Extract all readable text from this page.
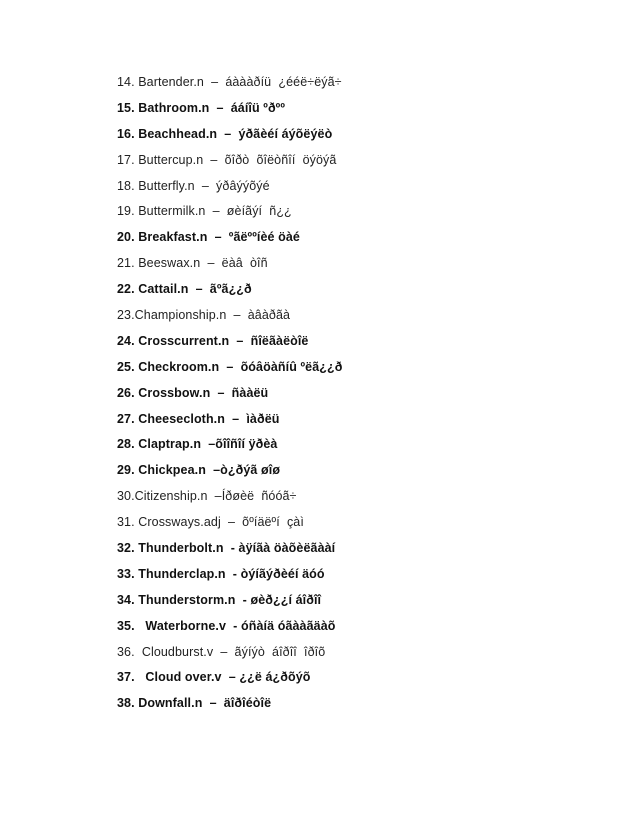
14. Bartender.n  –  áàààðíü  ¿ééë÷ëýã÷
15. Bathroom.n  –  ááíîü ºðºº
16. Beachhead.n  –  ýðãèéí áýõëýëò
17. Buttercup.n  –  õîðò  õîëòñîí  öýöýã
18. Butterfly.n  –  ýðâýýõýé
19. Buttermilk.n  –  øèíãýí  ñ¿¿
20. Breakfast.n  –  ºãëººíèé öàé
21. Beeswax.n  –  ëàâ  òîñ
22. Cattail.n  –  ãºã¿¿ð
23.Championship.n  –  àâàðãà
24. Crosscurrent.n  –  ñîëãàëòîë
25. Checkroom.n  –  õóâöàñíû ºëã¿¿ð
26. Crossbow.n  –  ñààëü
27. Cheesecloth.n  –  ìàðëü
28. Claptrap.n  –õîîñîí ÿðèà
29. Chickpea.n  –ò¿ðýã øîø
30.Citizenship.n  –Íðøèë  ñóóã÷
31. Crossways.adj  –  õºíäëºí  çàì
32. Thunderbolt.n  - àÿíãà öàõèëãààí
33. Thunderclap.n  - òýíãýðèéí äóó
34. Thunderstorm.n  - øèð¿¿í áîðîî
35.   Waterborne.v  - óñàíä óãààãäàõ
36.  Cloudburst.v  –  ãýíýò  áîðîî  îðîõ
37.   Cloud over.v  – ¿¿ë á¿ðõýõ
38. Downfall.n  –  äîðîéòîë
